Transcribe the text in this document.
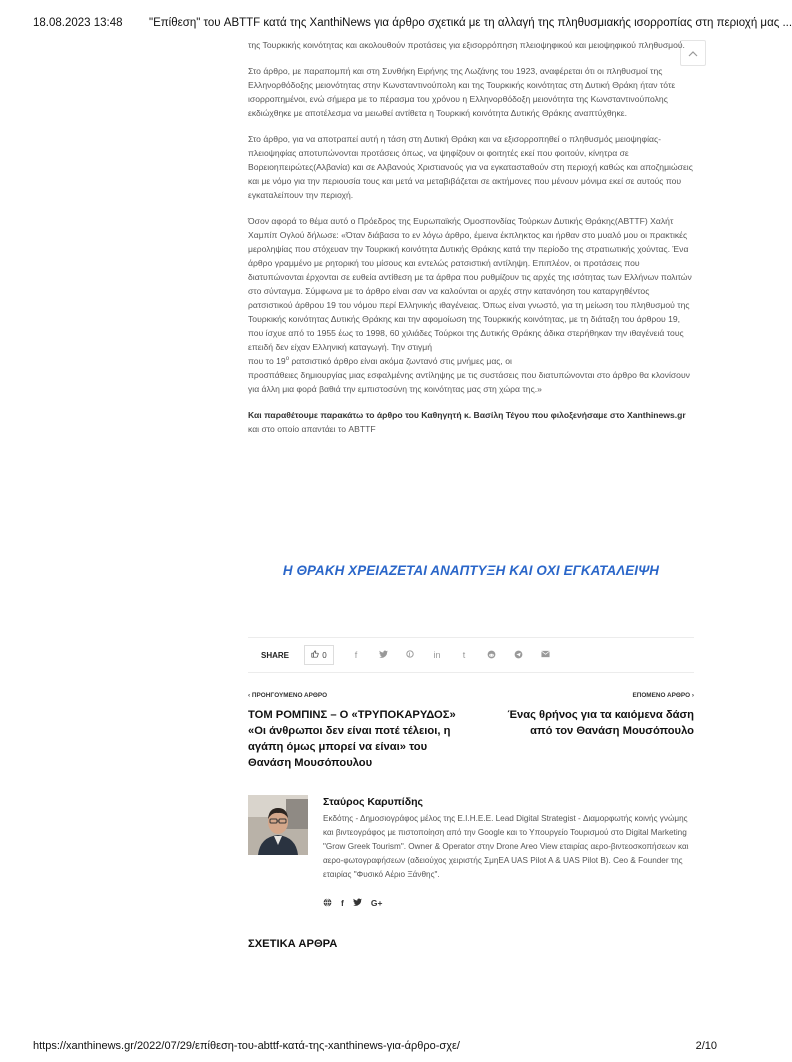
18.08.2023 13:48 "Επίθεση" του ABTTF κατά της XanthiNews για άρθρο σχετικά με τη αλλαγή της πληθυσμιακής ισορροπίας στη περιοχή μας ...

της Τουρκικής κοινότητας και ακολουθούν προτάσεις για εξισορρόπηση πλειοψηφικού και μειοψηφικού πληθυσμού.

Στο άρθρο, με παραπομπή και στη Συνθήκη Ειρήνης της Λωζάνης του 1923, αναφέρεται ότι οι πληθυσμοί της Ελληνορθόδοξης μειονότητας στην Κωνσταντινούπολη και της Τουρκικής κοινότητας στη Δυτική Θράκη ήταν τότε ισορροπημένοι, ενώ σήμερα με το πέρασμα του χρόνου η Ελληνορθόδοξη μειονότητα της Κωνσταντινούπολης εκδιώχθηκε με αποτέλεσμα να μειωθεί αντίθετα η Τουρκική κοινότητα Δυτικής Θράκης αναπτύχθηκε.

Στο άρθρο, για να αποτραπεί αυτή η τάση στη Δυτική Θράκη και να εξισορροπηθεί ο πληθυσμός μειοψηφίας-πλειοψηφίας αποτυπώνονται προτάσεις όπως, να ψηφίζουν οι φοιτητές εκεί που φοιτούν, κίνητρα σε Βορειοηπειρώτες(Αλβανία) και σε Αλβανούς Χριστιανούς για να εγκατασταθούν στη περιοχή καθώς και αποζημιώσεις και με νόμο για την περιουσία τους και μετά να μεταβιβάζεται σε ακτήμονες που μένουν μόνιμα εκεί σε αυτούς που εγκαταλείπουν την περιοχή.

Όσον αφορά το θέμα αυτό ο Πρόεδρος της Ευρωπαϊκής Ομοσπονδίας Τούρκων Δυτικής Θράκης(ABTTF) Χαλήτ Χαμπίπ Ογλού δήλωσε: «Όταν διάβασα το εν λόγω άρθρο, έμεινα έκπληκτος και ήρθαν στο μυαλό μου οι πρακτικές μεροληψίας που στόχευαν την Τουρκική κοινότητα Δυτικής Θράκης κατά την περίοδο της στρατιωτικής χούντας. Ένα άρθρο γραμμένο με ρητορική του μίσους και εντελώς ρατσιστική αντίληψη. Επιπλέον, οι προτάσεις που διατυπώνονται έρχονται σε ευθεία αντίθεση με τα άρθρα που ρυθμίζουν τις αρχές της ισότητας των Ελλήνων πολιτών στο σύνταγμα. Σύμφωνα με το άρθρο είναι σαν να καλούνται οι αρχές στην κατανόηση του καταργηθέντος ρατσιστικού άρθρου 19 του νόμου περί Ελληνικής ιθαγένειας. Όπως είναι γνωστό, για τη μείωση του πληθυσμού της Τουρκικής κοινότητας Δυτικής Θράκης και την αφομοίωση της Τουρκικής κοινότητας, με τη διάταξη του άρθρου 19, που ίσχυε από το 1955 έως το 1998, 60 χιλιάδες Τούρκοι της Δυτικής Θράκης άδικα στερήθηκαν την ιθαγένειά τους επειδή δεν είχαν Ελληνική καταγωγή. Την στιγμή
που το $19^o$ ρατσιστικό άρθρο είναι ακόμα ζωντανό στις μνήμες μας, οι
προσπάθειες δημιουργίας μιας εσφαλμένης αντίληψης με τις συστάσεις που διατυπώνονται στο άρθρο θα κλονίσουν για άλλη μια φορά βαθιά την εμπιστοσύνη της κοινότητας μας στη χώρα της.»

Και παραθέτουμε παρακάτω το άρθρο του Καθηγητή κ. Βασίλη Τέγου που φιλοξενήσαμε στο Xanthinews.gr και στο οποίο απαντάει το ABTTF

Η ΘΡΑΚΗ ΧΡΕΙΑΖΕΤΑΙ ΑΝΑΠΤΥΞΗ ΚΑΙ ΟΧΙ ΕΓΚΑΤΑΛΕΙΨΗ
SHARE	0	f	in	t
‹ ΠΡΟΗΓΟΥΜΕΝΟ ΑΡΘΡΟ
ΤΟΜ ΡΟΜΠΙΝΣ – Ο «ΤΡΥΠΟΚΑΡΥΔΟΣ» «Οι άνθρωποι δεν είναι ποτέ τέλειοι, η αγάπη όμως μπορεί να είναι» του Θανάση Μουσόπουλου
ΕΠΟΜΕΝΟ ΑΡΘΡΟ ›
Ένας θρήνος για τα καιόμενα δάση από τον Θανάση Μουσόπουλο
Σταύρος Καρυπίδης
Εκδότης - Δημοσιογράφος μέλος της Ε.Ι.Η.Ε.Ε. Lead Digital Strategist - Διαμορφωτής κοινής γνώμης και βιντεογράφος με πιστοποίηση από την Google και το Υπουργείο Τουρισμού στο Digital Marketing "Grow Greek Tourism". Owner & Operator στην Drone Areo View εταιρίας αερο-βιντεοσκοπήσεων και αερο-φωτογραφήσεων (αδειούχος χειριστής ΣμηΕΑ UAS Pilot A & UAS Pilot B). Ceo & Founder της εταιρίας "Φυσικό Αέριο Ξάνθης".
f	G+
ΣΧΕΤΙΚΑ ΑΡΘΡΑ
https://xanthinews.gr/2022/07/29/επίθεση-του-abttf-κατά-της-xanthinews-για-άρθρο-σχε/	2/10
